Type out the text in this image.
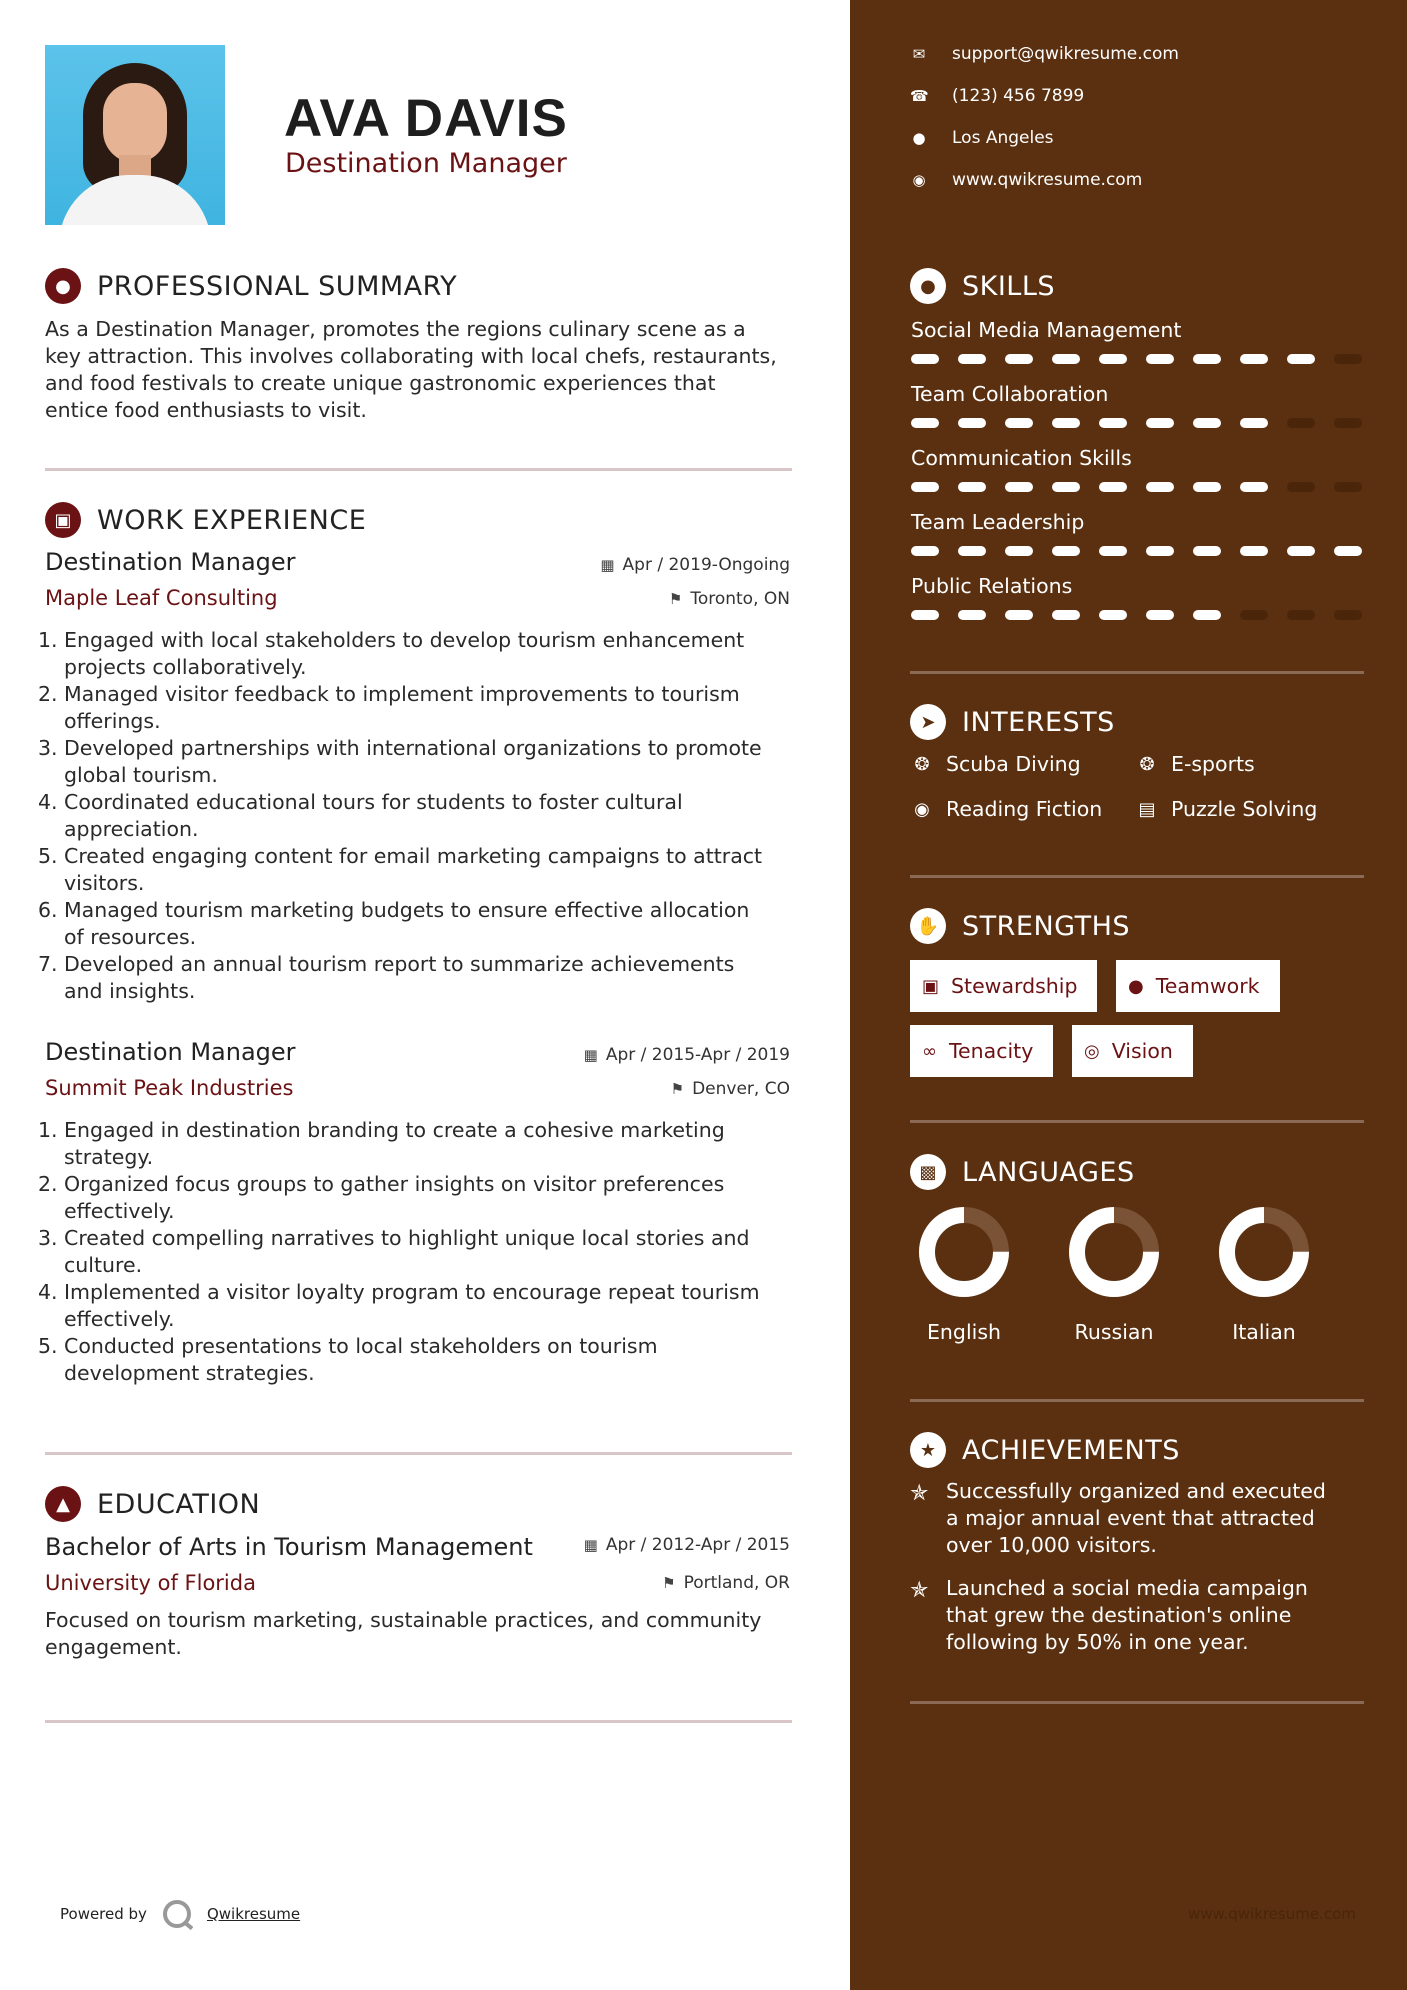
AVA DAVIS
Destination Manager
● PROFESSIONAL SUMMARY
As a Destination Manager, promotes the regions culinary scene as a
key attraction. This involves collaborating with local chefs, restaurants,
and food festivals to create unique gastronomic experiences that
entice food enthusiasts to visit.
▣ WORK EXPERIENCE
Destination Manager	▦ Apr / 2019-Ongoing
Maple Leaf Consulting	⚑ Toronto, ON
1. Engaged with local stakeholders to develop tourism enhancement
projects collaboratively.
2. Managed visitor feedback to implement improvements to tourism
offerings.
3. Developed partnerships with international organizations to promote
global tourism.
4. Coordinated educational tours for students to foster cultural
appreciation.
5. Created engaging content for email marketing campaigns to attract
visitors.
6. Managed tourism marketing budgets to ensure effective allocation
of resources.
7. Developed an annual tourism report to summarize achievements
and insights.
Destination Manager	▦ Apr / 2015-Apr / 2019
Summit Peak Industries	⚑ Denver, CO
1. Engaged in destination branding to create a cohesive marketing
strategy.
2. Organized focus groups to gather insights on visitor preferences
effectively.
3. Created compelling narratives to highlight unique local stories and
culture.
4. Implemented a visitor loyalty program to encourage repeat tourism
effectively.
5. Conducted presentations to local stakeholders on tourism
development strategies.
▲	EDUCATION
Bachelor of Arts in Tourism Management	▦ Apr / 2012-Apr / 2015
University of Florida	⚑ Portland, OR
Focused on tourism marketing, sustainable practices, and community
engagement.
Powered by	Qwikresume
✉ support@qwikresume.com
☎ (123) 456 7899
● Los Angeles
◉ www.qwikresume.com
● SKILLS
Social Media Management
Team Collaboration
Communication Skills
Team Leadership
Public Relations
➤ INTERESTS
❂ Scuba Diving	❂ E-sports
◉ Reading Fiction ▤ Puzzle Solving
✋ STRENGTHS
▣ Stewardship	● Teamwork
∞ Tenacity	◎ Vision
▩ LANGUAGES
English	Russian	Italian
★ ACHIEVEMENTS
✯ Successfully organized and executed
a major annual event that attracted
over 10,000 visitors.
✯ Launched a social media campaign
that grew the destination's online
following by 50% in one year.
www.qwikresume.com
